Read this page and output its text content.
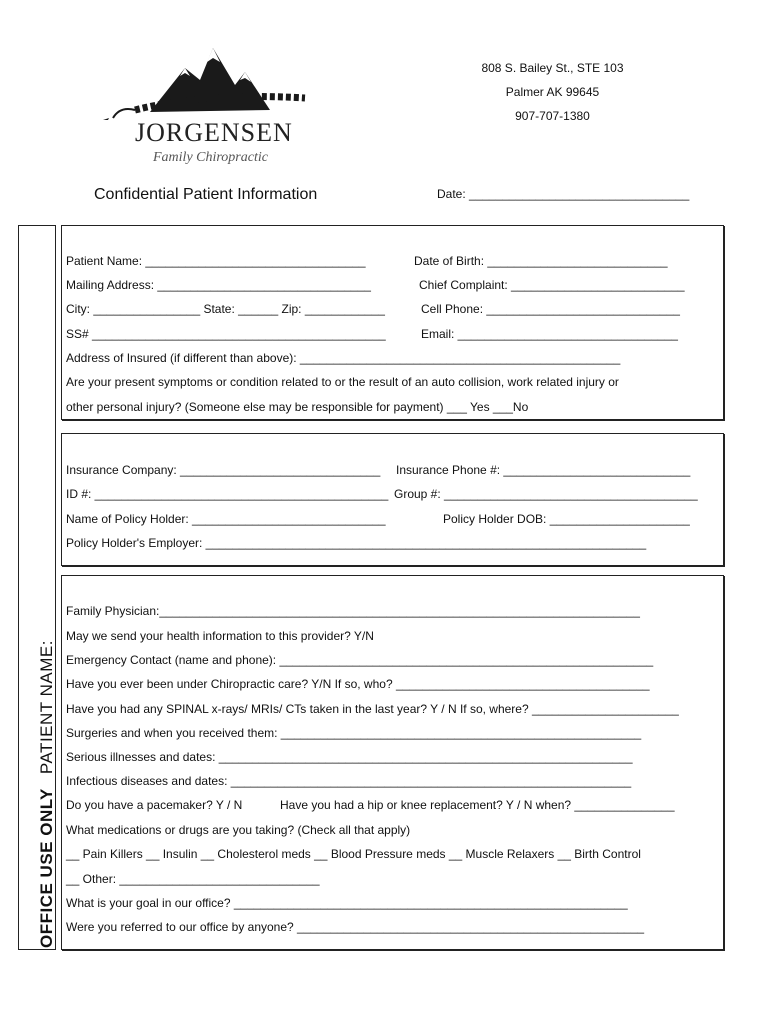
JORGENSEN
Family Chiropractic
808 S. Bailey St., STE 103
Palmer AK 99645
907-707-1380
Confidential Patient Information	Date: _________________________________
OFFICE USE ONLYPATIENT NAME:
Patient Name: _________________________________	Date of Birth: ___________________________
Mailing Address: ________________________________	Chief Complaint: __________________________
City: ________________ State: ______ Zip: ____________	Cell Phone: _____________________________
SS# ____________________________________________	Email: _________________________________
Address of Insured (if different than above): ________________________________________________
Are your present symptoms or condition related to or the result of an auto collision, work related injury or
other personal injury? (Someone else may be responsible for payment) ___ Yes ___No
Insurance Company: ______________________________ Insurance Phone #: ____________________________
ID #: ____________________________________________ Group #: ______________________________________
Name of Policy Holder: _____________________________	Policy Holder DOB: _____________________
Policy Holder's Employer: __________________________________________________________________
Family Physician:________________________________________________________________________
May we send your health information to this provider? Y/N
Emergency Contact (name and phone): ________________________________________________________
Have you ever been under Chiropractic care? Y/N If so, who? ______________________________________
Have you had any SPINAL x-rays/ MRIs/ CTs taken in the last year? Y / N If so, where? ______________________
Surgeries and when you received them: ______________________________________________________
Serious illnesses and dates: ______________________________________________________________
Infectious diseases and dates: ____________________________________________________________
Do you have a pacemaker? Y / N	Have you had a hip or knee replacement? Y / N when? _______________
What medications or drugs are you taking? (Check all that apply)
__ Pain Killers __ Insulin __ Cholesterol meds __ Blood Pressure meds __ Muscle Relaxers __ Birth Control
__ Other: ______________________________
What is your goal in our office? ___________________________________________________________
Were you referred to our office by anyone? ____________________________________________________
